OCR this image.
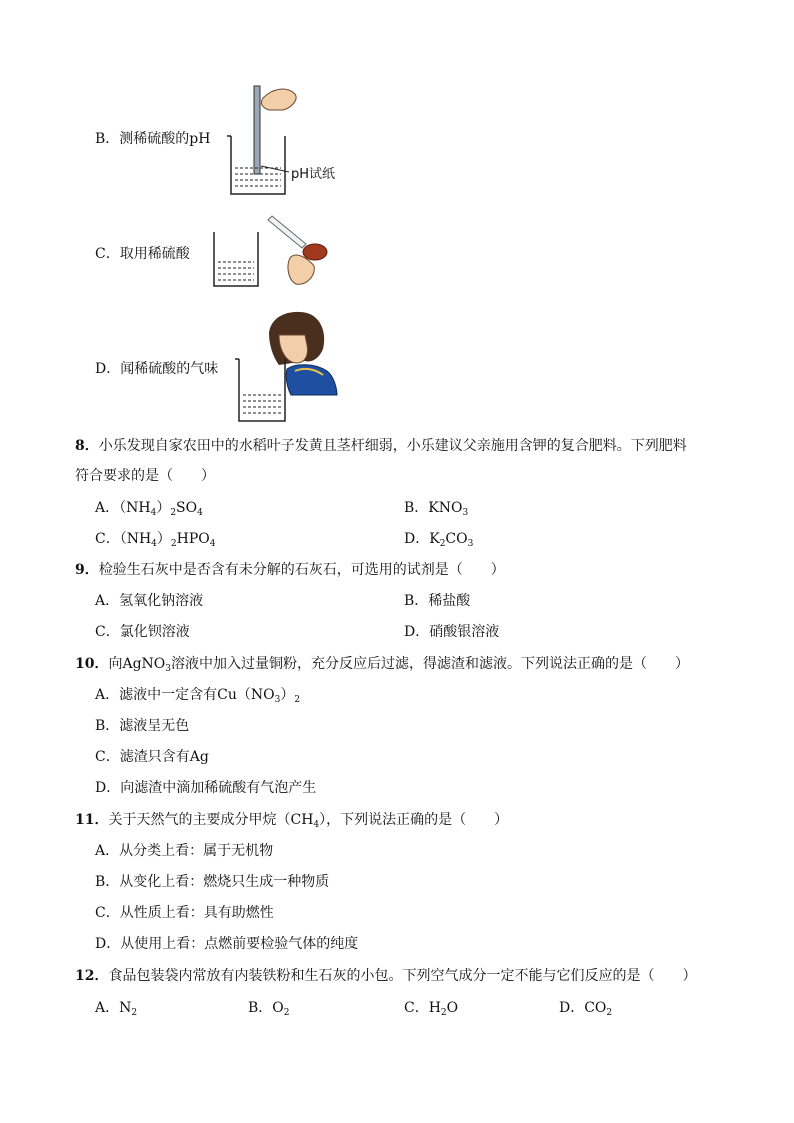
B．测稀硫酸的pH
pH试纸
C．取用稀硫酸
D．闻稀硫酸的气味
8．小乐发现自家农田中的水稻叶子发黄且茎杆细弱，小乐建议父亲施用含钾的复合肥料。下列肥料
符合要求的是（　　）
A．$(NH_4)_2SO_4$	B．$KNO_3$
C．$(NH_4)_2HPO_4$	D．$K_2CO_3$
9．检验生石灰中是否含有未分解的石灰石，可选用的试剂是（　　）
A．氢氧化钠溶液	B．稀盐酸
C．氯化钡溶液	D．硝酸银溶液
10．向AgNO$_3$溶液中加入过量铜粉，充分反应后过滤，得滤渣和滤液。下列说法正确的是（　　）
A．滤液中一定含有$Cu(NO_3)_2$
B．滤液呈无色
C．滤渣只含有Ag
D．向滤渣中滴加稀硫酸有气泡产生
11．关于天然气的主要成分甲烷$(CH_4)$，下列说法正确的是（　　）
A．从分类上看：属于无机物
B．从变化上看：燃烧只生成一种物质
C．从性质上看：具有助燃性
D．从使用上看：点燃前要检验气体的纯度
12．食品包装袋内常放有内装铁粉和生石灰的小包。下列空气成分一定不能与它们反应的是（　　）
A．$N_2$	B．$O_2$	C．$H_2O$	D．$CO_2$
